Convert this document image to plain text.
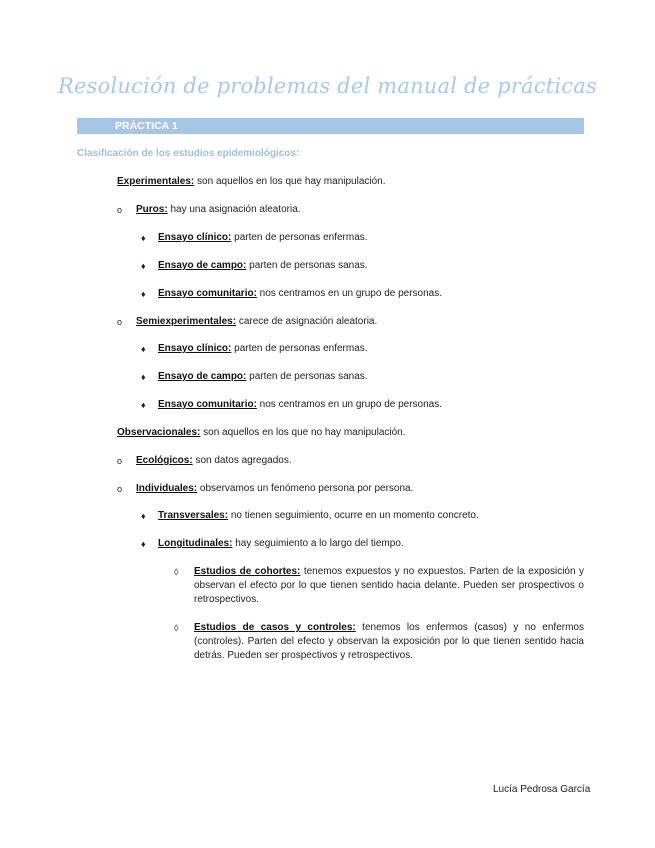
Resolución de problemas del manual de prácticas
PRÁCTICA 1
Clasificación de los estudios epidemiológicos:
Experimentales: son aquellos en los que hay manipulación.
o Puros: hay una asignación aleatoria.
♦ Ensayo clínico: parten de personas enfermas.
♦ Ensayo de campo: parten de personas sanas.
♦ Ensayo comunitario: nos centramos en un grupo de personas.
o Semiexperimentales: carece de asignación aleatoria.
♦ Ensayo clínico: parten de personas enfermas.
♦ Ensayo de campo: parten de personas sanas.
♦ Ensayo comunitario: nos centramos en un grupo de personas.
Observacionales: son aquellos en los que no hay manipulación.
o Ecológicos: son datos agregados.
o Individuales: observamos un fenómeno persona por persona.
♦ Transversales: no tienen seguimiento, ocurre en un momento concreto.
♦ Longitudinales: hay seguimiento a lo largo del tiempo.
◊ Estudios de cohortes: tenemos expuestos y no expuestos. Parten de la exposición y observan el efecto por lo que tienen sentido hacia delante. Pueden ser prospectivos o retrospectivos.
◊ Estudios de casos y controles: tenemos los enfermos (casos) y no enfermos (controles). Parten del efecto y observan la exposición por lo que tienen sentido hacia detrás. Pueden ser prospectivos y retrospectivos.
Lucía Pedrosa García
